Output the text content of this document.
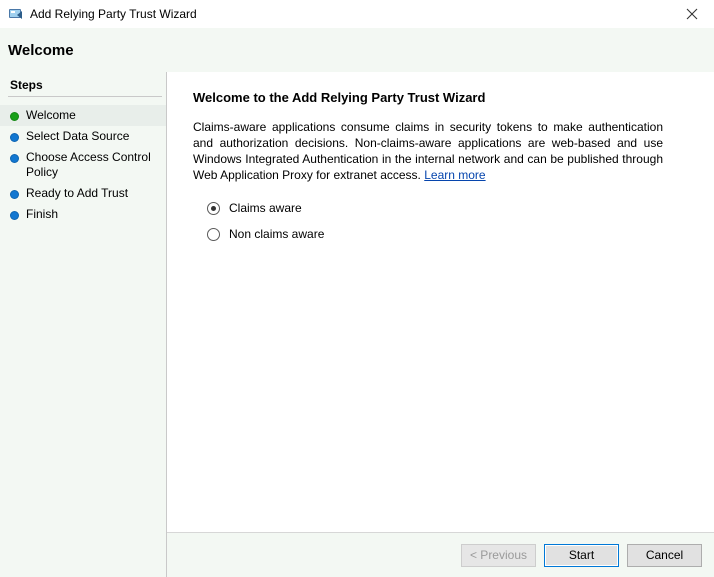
Add Relying Party Trust Wizard
Welcome
Steps
Welcome
Select Data Source
Choose Access Control Policy
Ready to Add Trust
Finish
Welcome to the Add Relying Party Trust Wizard

Claims-aware applications consume claims in security tokens to make authentication and authorization decisions. Non-claims-aware applications are web-based and use Windows Integrated Authentication in the internal network and can be published through Web Application Proxy for extranet access. Learn more

Claims aware
Non claims aware
< Previous	Start	Cancel
